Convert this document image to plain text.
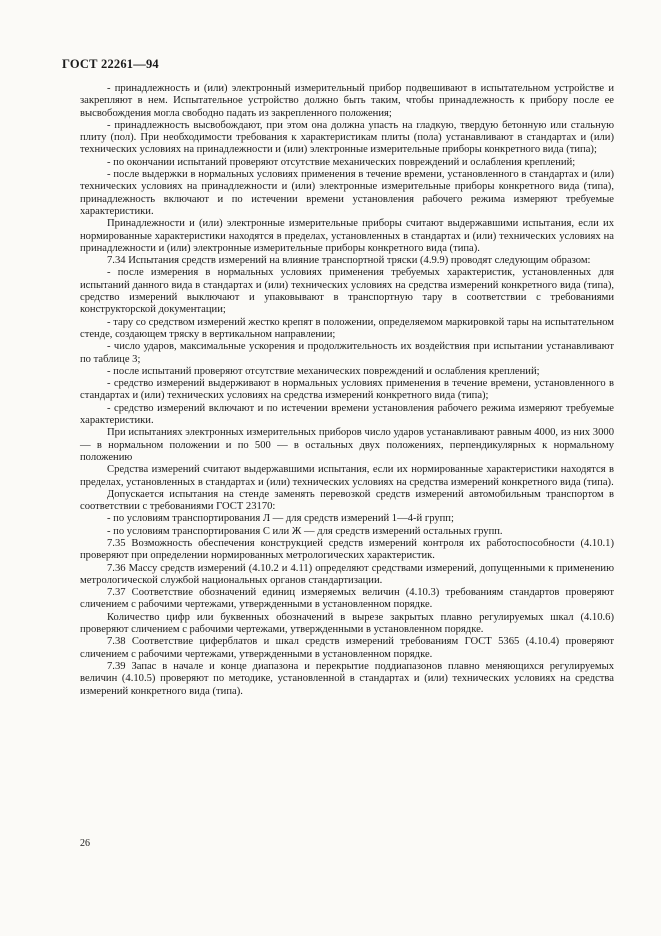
ГОСТ 22261—94

- принадлежность и (или) электронный измерительный прибор подвешивают в испытательном устройстве и закрепляют в нем. Испытательное устройство должно быть таким, чтобы принадлежность к прибору после ее высвобождения могла свободно падать из закрепленного положения;

- принадлежность высвобождают, при этом она должна упасть на гладкую, твердую бетонную или стальную плиту (пол). При необходимости требования к характеристикам плиты (пола) устанавливают в стандартах и (или) технических условиях на принадлежности и (или) электронные измерительные приборы конкретного вида (типа);

- по окончании испытаний проверяют отсутствие механических повреждений и ослабления креплений;

- после выдержки в нормальных условиях применения в течение времени, установленного в стандартах и (или) технических условиях на принадлежности и (или) электронные измерительные приборы конкретного вида (типа), принадлежность включают и по истечении времени установления рабочего режима измеряют требуемые характеристики.

Принадлежности и (или) электронные измерительные приборы считают выдержавшими испытания, если их нормированные характеристики находятся в пределах, установленных в стандартах и (или) технических условиях на принадлежности и (или) электронные измерительные приборы конкретного вида (типа).

7.34 Испытания средств измерений на влияние транспортной тряски (4.9.9) проводят следующим образом:

- после измерения в нормальных условиях применения требуемых характеристик, установленных для испытаний данного вида в стандартах и (или) технических условиях на средства измерений конкретного вида (типа), средство измерений выключают и упаковывают в транспортную тару в соответствии с требованиями конструкторской документации;

- тару со средством измерений жестко крепят в положении, определяемом маркировкой тары на испытательном стенде, создающем тряску в вертикальном направлении;

- число ударов, максимальные ускорения и продолжительность их воздействия при испытании устанавливают по таблице 3;

- после испытаний проверяют отсутствие механических повреждений и ослабления креплений;

- средство измерений выдерживают в нормальных условиях применения в течение времени, установленного в стандартах и (или) технических условиях на средства измерений конкретного вида (типа);

- средство измерений включают и по истечении времени установления рабочего режима измеряют требуемые характеристики.

При испытаниях электронных измерительных приборов число ударов устанавливают равным 4000, из них 3000 — в нормальном положении и по 500 — в остальных двух положениях, перпендикулярных к нормальному положению

Средства измерений считают выдержавшими испытания, если их нормированные характеристики находятся в пределах, установленных в стандартах и (или) технических условиях на средства измерений конкретного вида (типа).

Допускается испытания на стенде заменять перевозкой средств измерений автомобильным транспортом в соответствии с требованиями ГОСТ 23170:

- по условиям транспортирования Л — для средств измерений 1—4-й групп;

- по условиям транспортирования С или Ж — для средств измерений остальных групп.

7.35 Возможность обеспечения конструкцией средств измерений контроля их работоспособности (4.10.1) проверяют при определении нормированных метрологических характеристик.

7.36 Массу средств измерений (4.10.2 и 4.11) определяют средствами измерений, допущенными к применению метрологической службой национальных органов стандартизации.

7.37 Соответствие обозначений единиц измеряемых величин (4.10.3) требованиям стандартов проверяют сличением с рабочими чертежами, утвержденными в установленном порядке.

Количество цифр или буквенных обозначений в вырезе закрытых плавно регулируемых шкал (4.10.6) проверяют сличением с рабочими чертежами, утвержденными в установленном порядке.

7.38 Соответствие циферблатов и шкал средств измерений требованиям ГОСТ 5365 (4.10.4) проверяют сличением с рабочими чертежами, утвержденными в установленном порядке.

7.39 Запас в начале и конце диапазона и перекрытие поддиапазонов плавно меняющихся регулируемых величин (4.10.5) проверяют по методике, установленной в стандартах и (или) технических условиях на средства измерений конкретного вида (типа).

26
